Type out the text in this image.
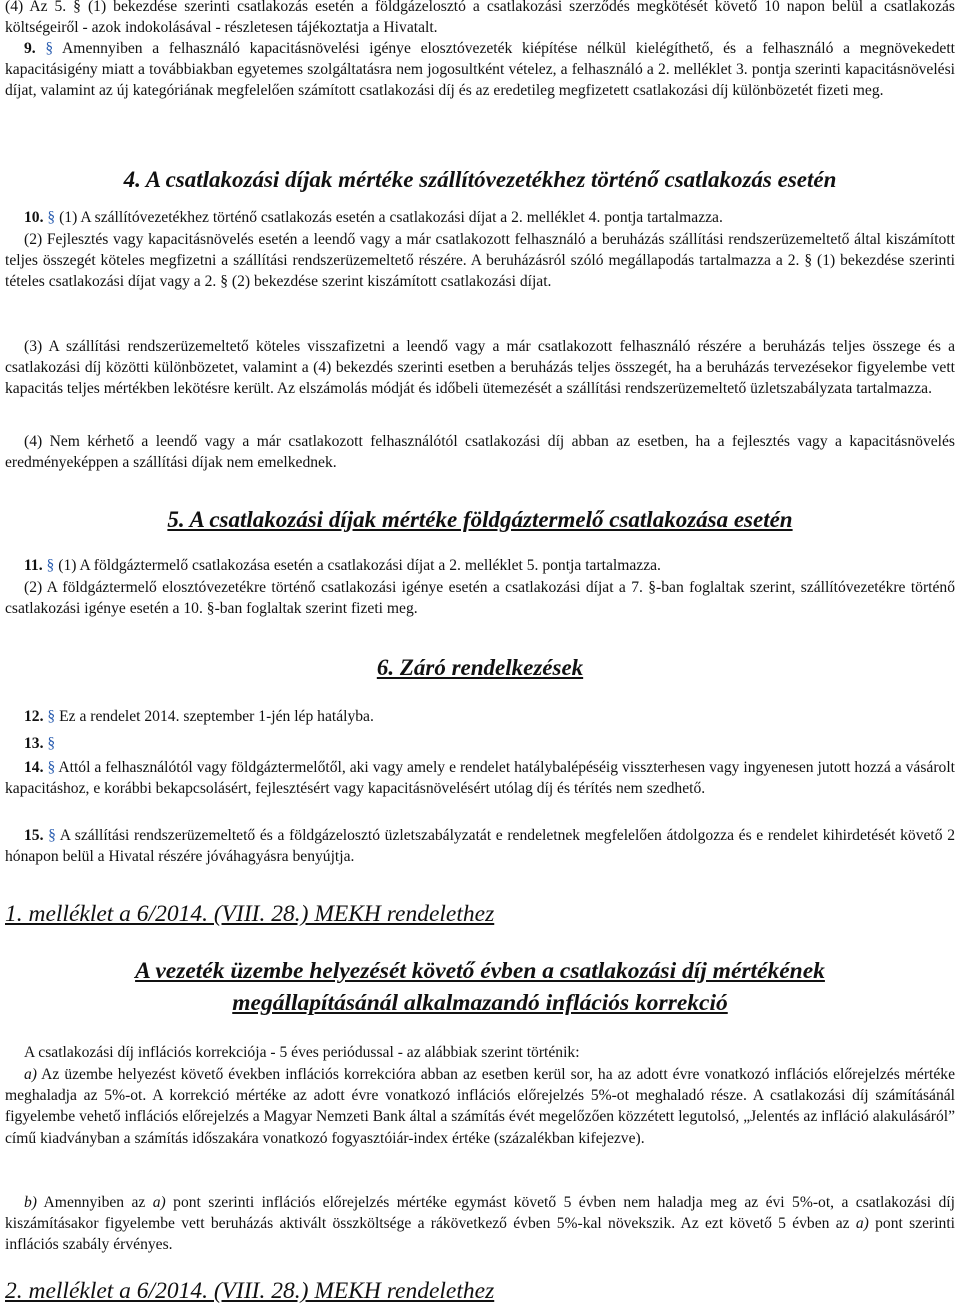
(4) Az 5. § (1) bekezdése szerinti csatlakozás esetén a földgázelosztó a csatlakozási szerződés megkötését követő 10 napon belül a csatlakozás költségeiről - azok indokolásával - részletesen tájékoztatja a Hivatalt.

9. § Amennyiben a felhasználó kapacitásnövelési igénye elosztóvezeték kiépítése nélkül kielégíthető, és a felhasználó a megnövekedett kapacitásigény miatt a továbbiakban egyetemes szolgáltatásra nem jogosultként vételez, a felhasználó a 2. melléklet 3. pontja szerinti kapacitásnövelési díjat, valamint az új kategóriának megfelelően számított csatlakozási díj és az eredetileg megfizetett csatlakozási díj különbözetét fizeti meg.

4. A csatlakozási díjak mértéke szállítóvezetékhez történő csatlakozás esetén

10. § (1) A szállítóvezetékhez történő csatlakozás esetén a csatlakozási díjat a 2. melléklet 4. pontja tartalmazza.

(2) Fejlesztés vagy kapacitásnövelés esetén a leendő vagy a már csatlakozott felhasználó a beruházás szállítási rendszerüzemeltető által kiszámított teljes összegét köteles megfizetni a szállítási rendszerüzemeltető részére. A beruházásról szóló megállapodás tartalmazza a 2. § (1) bekezdése szerinti tételes csatlakozási díjat vagy a 2. § (2) bekezdése szerint kiszámított csatlakozási díjat.

(3) A szállítási rendszerüzemeltető köteles visszafizetni a leendő vagy a már csatlakozott felhasználó részére a beruházás teljes összege és a csatlakozási díj közötti különbözetet, valamint a (4) bekezdés szerinti esetben a beruházás teljes összegét, ha a beruházás tervezésekor figyelembe vett kapacitás teljes mértékben lekötésre került. Az elszámolás módját és időbeli ütemezését a szállítási rendszerüzemeltető üzletszabályzata tartalmazza.

(4) Nem kérhető a leendő vagy a már csatlakozott felhasználótól csatlakozási díj abban az esetben, ha a fejlesztés vagy a kapacitásnövelés eredményeképpen a szállítási díjak nem emelkednek.

5. A csatlakozási díjak mértéke földgáztermelő csatlakozása esetén

11. § (1) A földgáztermelő csatlakozása esetén a csatlakozási díjat a 2. melléklet 5. pontja tartalmazza.

(2) A földgáztermelő elosztóvezetékre történő csatlakozási igénye esetén a csatlakozási díjat a 7. §-ban foglaltak szerint, szállítóvezetékre történő csatlakozási igénye esetén a 10. §-ban foglaltak szerint fizeti meg.

6. Záró rendelkezések

12. § Ez a rendelet 2014. szeptember 1-jén lép hatályba.

13. §

14. § Attól a felhasználótól vagy földgáztermelőtől, aki vagy amely e rendelet hatálybalépéséig visszterhesen vagy ingyenesen jutott hozzá a vásárolt kapacitáshoz, e korábbi bekapcsolásért, fejlesztésért vagy kapacitásnövelésért utólag díj és térítés nem szedhető.

15. § A szállítási rendszerüzemeltető és a földgázelosztó üzletszabályzatát e rendeletnek megfelelően átdolgozza és e rendelet kihirdetését követő 2 hónapon belül a Hivatal részére jóváhagyásra benyújtja.

1. melléklet a 6/2014. (VIII. 28.) MEKH rendelethez

A vezeték üzembe helyezését követő évben a csatlakozási díj mértékének

megállapításánál alkalmazandó inflációs korrekció

A csatlakozási díj inflációs korrekciója - 5 éves periódussal - az alábbiak szerint történik:

a) Az üzembe helyezést követő években inflációs korrekcióra abban az esetben kerül sor, ha az adott évre vonatkozó inflációs előrejelzés mértéke meghaladja az 5%-ot. A korrekció mértéke az adott évre vonatkozó inflációs előrejelzés 5%-ot meghaladó része. A csatlakozási díj számításánál figyelembe vehető inflációs előrejelzés a Magyar Nemzeti Bank által a számítás évét megelőzően közzétett legutolsó, „Jelentés az infláció alakulásáról” című kiadványban a számítás időszakára vonatkozó fogyasztóiár-index értéke (százalékban kifejezve).

b) Amennyiben az a) pont szerinti inflációs előrejelzés mértéke egymást követő 5 évben nem haladja meg az évi 5%-ot, a csatlakozási díj kiszámításakor figyelembe vett beruházás aktivált összköltsége a rákövetkező évben 5%-kal növekszik. Az ezt követő 5 évben az a) pont szerinti inflációs szabály érvényes.

2. melléklet a 6/2014. (VIII. 28.) MEKH rendelethez
